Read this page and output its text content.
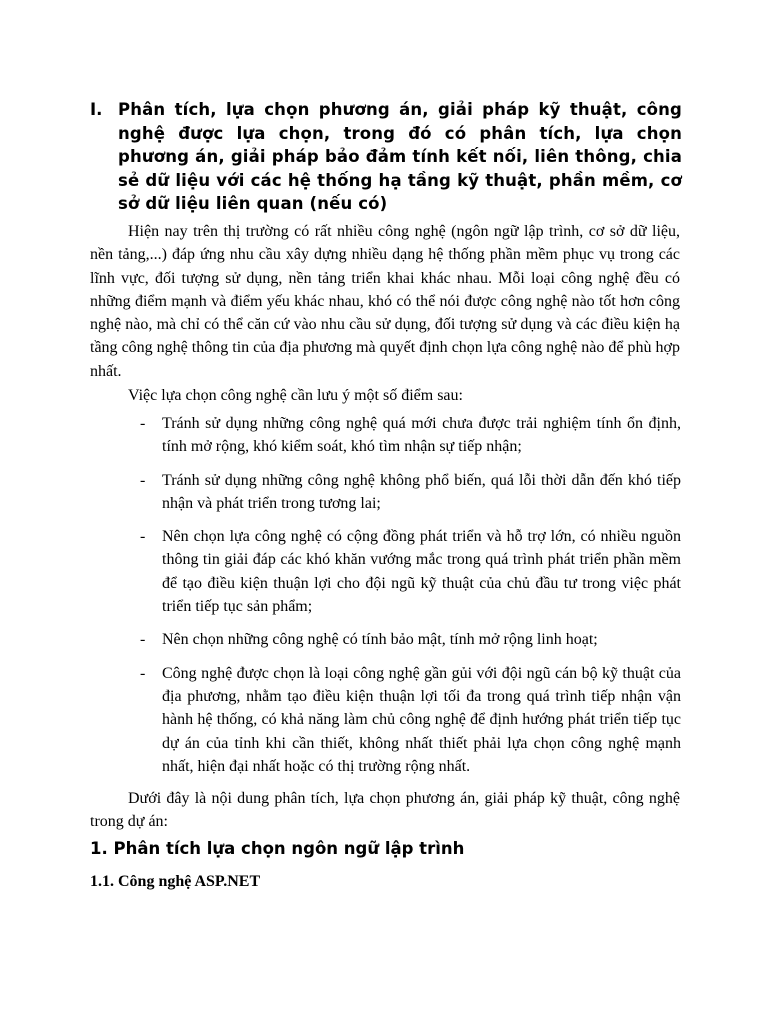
I. Phân tích, lựa chọn phương án, giải pháp kỹ thuật, công nghệ được lựa chọn, trong đó có phân tích, lựa chọn phương án, giải pháp bảo đảm tính kết nối, liên thông, chia sẻ dữ liệu với các hệ thống hạ tầng kỹ thuật, phần mềm, cơ sở dữ liệu liên quan (nếu có)

Hiện nay trên thị trường có rất nhiều công nghệ (ngôn ngữ lập trình, cơ sở dữ liệu, nền tảng,...) đáp ứng nhu cầu xây dựng nhiều dạng hệ thống phần mềm phục vụ trong các lĩnh vực, đối tượng sử dụng, nền tảng triển khai khác nhau. Mỗi loại công nghệ đều có những điểm mạnh và điểm yếu khác nhau, khó có thể nói được công nghệ nào tốt hơn công nghệ nào, mà chỉ có thể căn cứ vào nhu cầu sử dụng, đối tượng sử dụng và các điều kiện hạ tầng công nghệ thông tin của địa phương mà quyết định chọn lựa công nghệ nào để phù hợp nhất.

Việc lựa chọn công nghệ cần lưu ý một số điểm sau:

- Tránh sử dụng những công nghệ quá mới chưa được trải nghiệm tính ổn định, tính mở rộng, khó kiểm soát, khó tìm nhận sự tiếp nhận;
- Tránh sử dụng những công nghệ không phổ biến, quá lỗi thời dẫn đến khó tiếp nhận và phát triển trong tương lai;
- Nên chọn lựa công nghệ có cộng đồng phát triển và hỗ trợ lớn, có nhiều nguồn thông tin giải đáp các khó khăn vướng mắc trong quá trình phát triển phần mềm để tạo điều kiện thuận lợi cho đội ngũ kỹ thuật của chủ đầu tư trong việc phát triển tiếp tục sản phẩm;
- Nên chọn những công nghệ có tính bảo mật, tính mở rộng linh hoạt;
- Công nghệ được chọn là loại công nghệ gần gủi với đội ngũ cán bộ kỹ thuật của địa phương, nhằm tạo điều kiện thuận lợi tối đa trong quá trình tiếp nhận vận hành hệ thống, có khả năng làm chủ công nghệ để định hướng phát triển tiếp tục dự án của tỉnh khi cần thiết, không nhất thiết phải lựa chọn công nghệ mạnh nhất, hiện đại nhất hoặc có thị trường rộng nhất.

Dưới đây là nội dung phân tích, lựa chọn phương án, giải pháp kỹ thuật, công nghệ trong dự án:

1. Phân tích lựa chọn ngôn ngữ lập trình
1.1. Công nghệ ASP.NET
